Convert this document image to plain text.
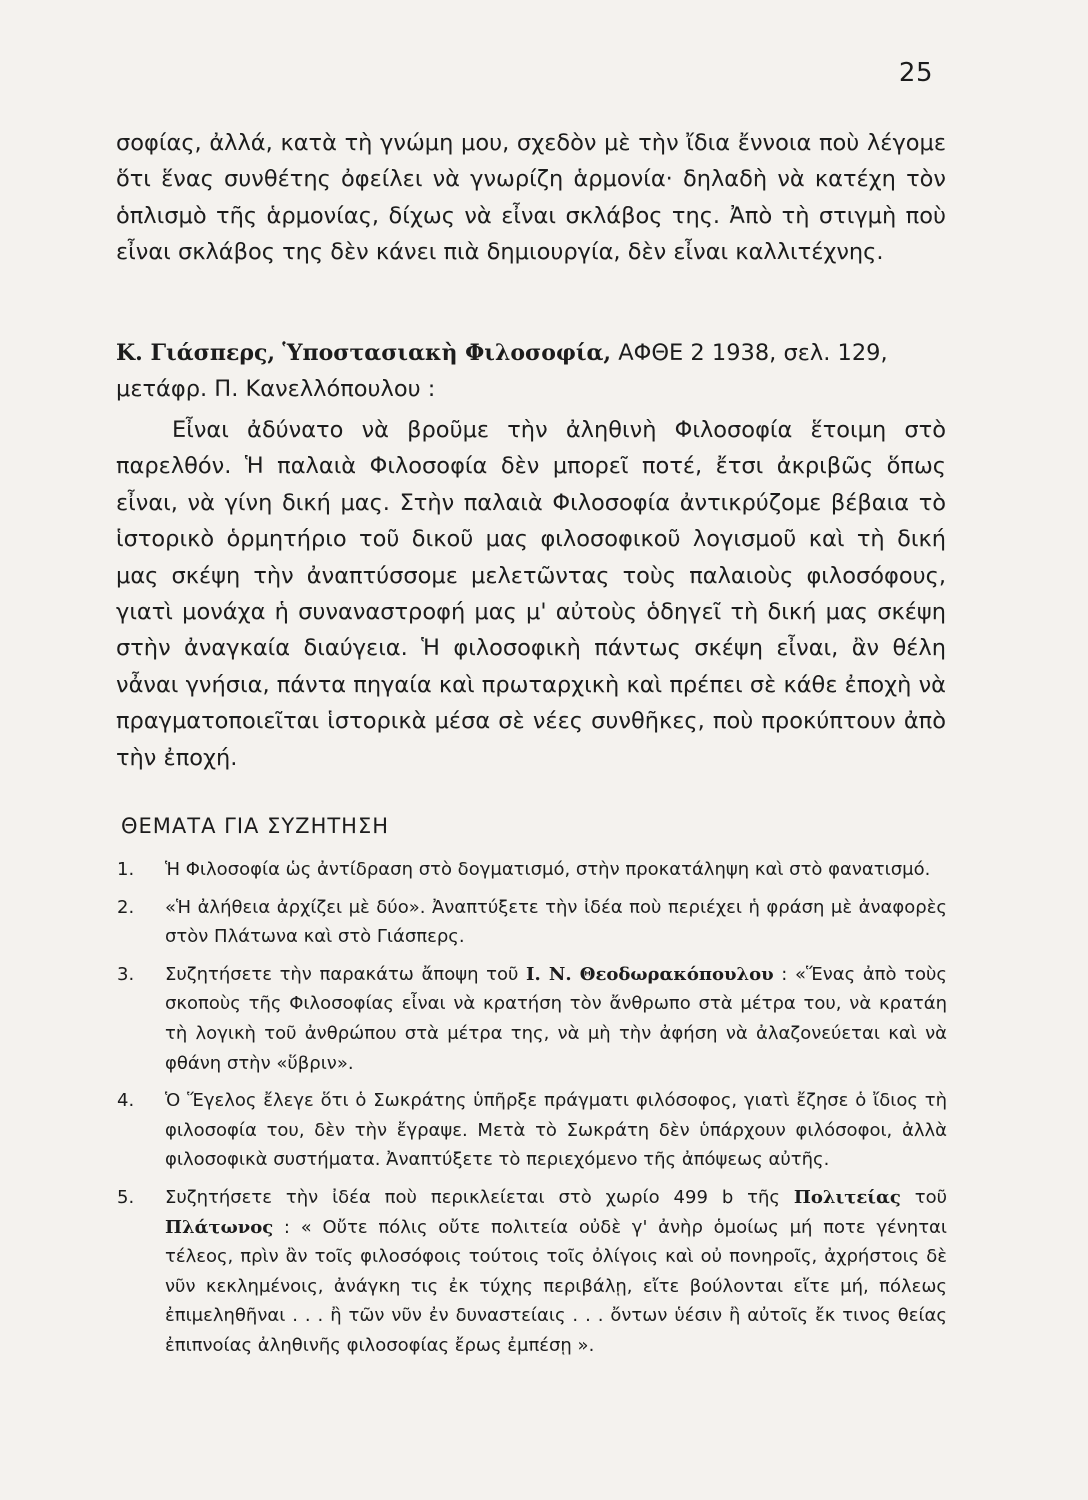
25

σοφίας, ἀλλά, κατὰ τὴ γνώμη μου, σχεδὸν μὲ τὴν ἴδια ἔννοια ποὺ λέγομε ὅτι ἕνας συνθέτης ὀφείλει νὰ γνωρίζη ἁρμονία· δηλαδὴ νὰ κατέχη τὸν ὁπλισμὸ τῆς ἁρμονίας, δίχως νὰ εἶναι σκλάβος της. Ἀπὸ τὴ στιγμὴ ποὺ εἶναι σκλάβος της δὲν κάνει πιὰ δημιουργία, δὲν εἶναι καλλιτέχνης.

Κ. Γιάσπερς, Ὑποστασιακὴ Φιλοσοφία, ΑΦΘΕ 2 1938, σελ. 129, μετάφρ. Π. Κανελλόπουλου :

Εἶναι ἀδύνατο νὰ βροῦμε τὴν ἀληθινὴ Φιλοσοφία ἕτοιμη στὸ παρελθόν. Ἡ παλαιὰ Φιλοσοφία δὲν μπορεῖ ποτέ, ἔτσι ἀκριβῶς ὅπως εἶναι, νὰ γίνη δική μας. Στὴν παλαιὰ Φιλοσοφία ἀντικρύζομε βέβαια τὸ ἱστορικὸ ὁρμητήριο τοῦ δικοῦ μας φιλοσοφικοῦ λογισμοῦ καὶ τὴ δική μας σκέψη τὴν ἀναπτύσσομε μελετῶντας τοὺς παλαιοὺς φιλοσόφους, γιατὶ μονάχα ἡ συναναστροφή μας μ' αὐτοὺς ὁδηγεῖ τὴ δική μας σκέψη στὴν ἀναγκαία διαύγεια. Ἡ φιλοσοφικὴ πάντως σκέψη εἶναι, ἂν θέλη νἆναι γνήσια, πάντα πηγαία καὶ πρωταρχικὴ καὶ πρέπει σὲ κάθε ἐποχὴ νὰ πραγματοποιεῖται ἱστορικὰ μέσα σὲ νέες συνθῆκες, ποὺ προκύπτουν ἀπὸ τὴν ἐποχή.

ΘΕΜΑΤΑ ΓΙΑ ΣΥΖΗΤΗΣΗ
1.	Ἡ Φιλοσοφία ὡς ἀντίδραση στὸ δογματισμό, στὴν προκατάληψη καὶ στὸ φανατισμό.
2.	«Ἡ ἀλήθεια ἀρχίζει μὲ δύο». Ἀναπτύξετε τὴν ἰδέα ποὺ περιέχει ἡ φράση μὲ ἀναφορὲς στὸν Πλάτωνα καὶ στὸ Γιάσπερς.
3.	Συζητήσετε τὴν παρακάτω ἄποψη τοῦ Ι. Ν. Θεοδωρακόπουλου : «Ἕνας ἀπὸ τοὺς σκοποὺς τῆς Φιλοσοφίας εἶναι νὰ κρατήση τὸν ἄνθρωπο στὰ μέτρα του, νὰ κρατάη τὴ λογικὴ τοῦ ἀνθρώπου στὰ μέτρα της, νὰ μὴ τὴν ἀφήση νὰ ἀλαζονεύεται καὶ νὰ φθάνη στὴν «ὕβριν».
4.	Ὁ Ἕγελος ἔλεγε ὅτι ὁ Σωκράτης ὑπῆρξε πράγματι φιλόσοφος, γιατὶ ἔζησε ὁ ἴδιος τὴ φιλοσοφία του, δὲν τὴν ἔγραψε. Μετὰ τὸ Σωκράτη δὲν ὑπάρχουν φιλόσοφοι, ἀλλὰ φιλοσοφικὰ συστήματα. Ἀναπτύξετε τὸ περιεχόμενο τῆς ἀπόψεως αὐτῆς.
5.	Συζητήσετε τὴν ἰδέα ποὺ περικλείεται στὸ χωρίο 499 b τῆς Πολιτείας τοῦ Πλάτωνος : « Οὔτε πόλις οὔτε πολιτεία οὐδὲ γ' ἀνὴρ ὁμοίως μή ποτε γένηται τέλεος, πρὶν ἂν τοῖς φιλοσόφοις τούτοις τοῖς ὀλίγοις καὶ οὐ πονηροῖς, ἀχρήστοις δὲ νῦν κεκλημένοις, ἀνάγκη τις ἐκ τύχης περιβάλῃ, εἴτε βούλονται εἴτε μή, πόλεως ἐπιμεληθῆναι . . . ἢ τῶν νῦν ἐν δυναστείαις . . . ὄντων ὑέσιν ἢ αὐτοῖς ἔκ τινος θείας ἐπιπνοίας ἀληθινῆς φιλοσοφίας ἔρως ἐμπέσῃ ».
